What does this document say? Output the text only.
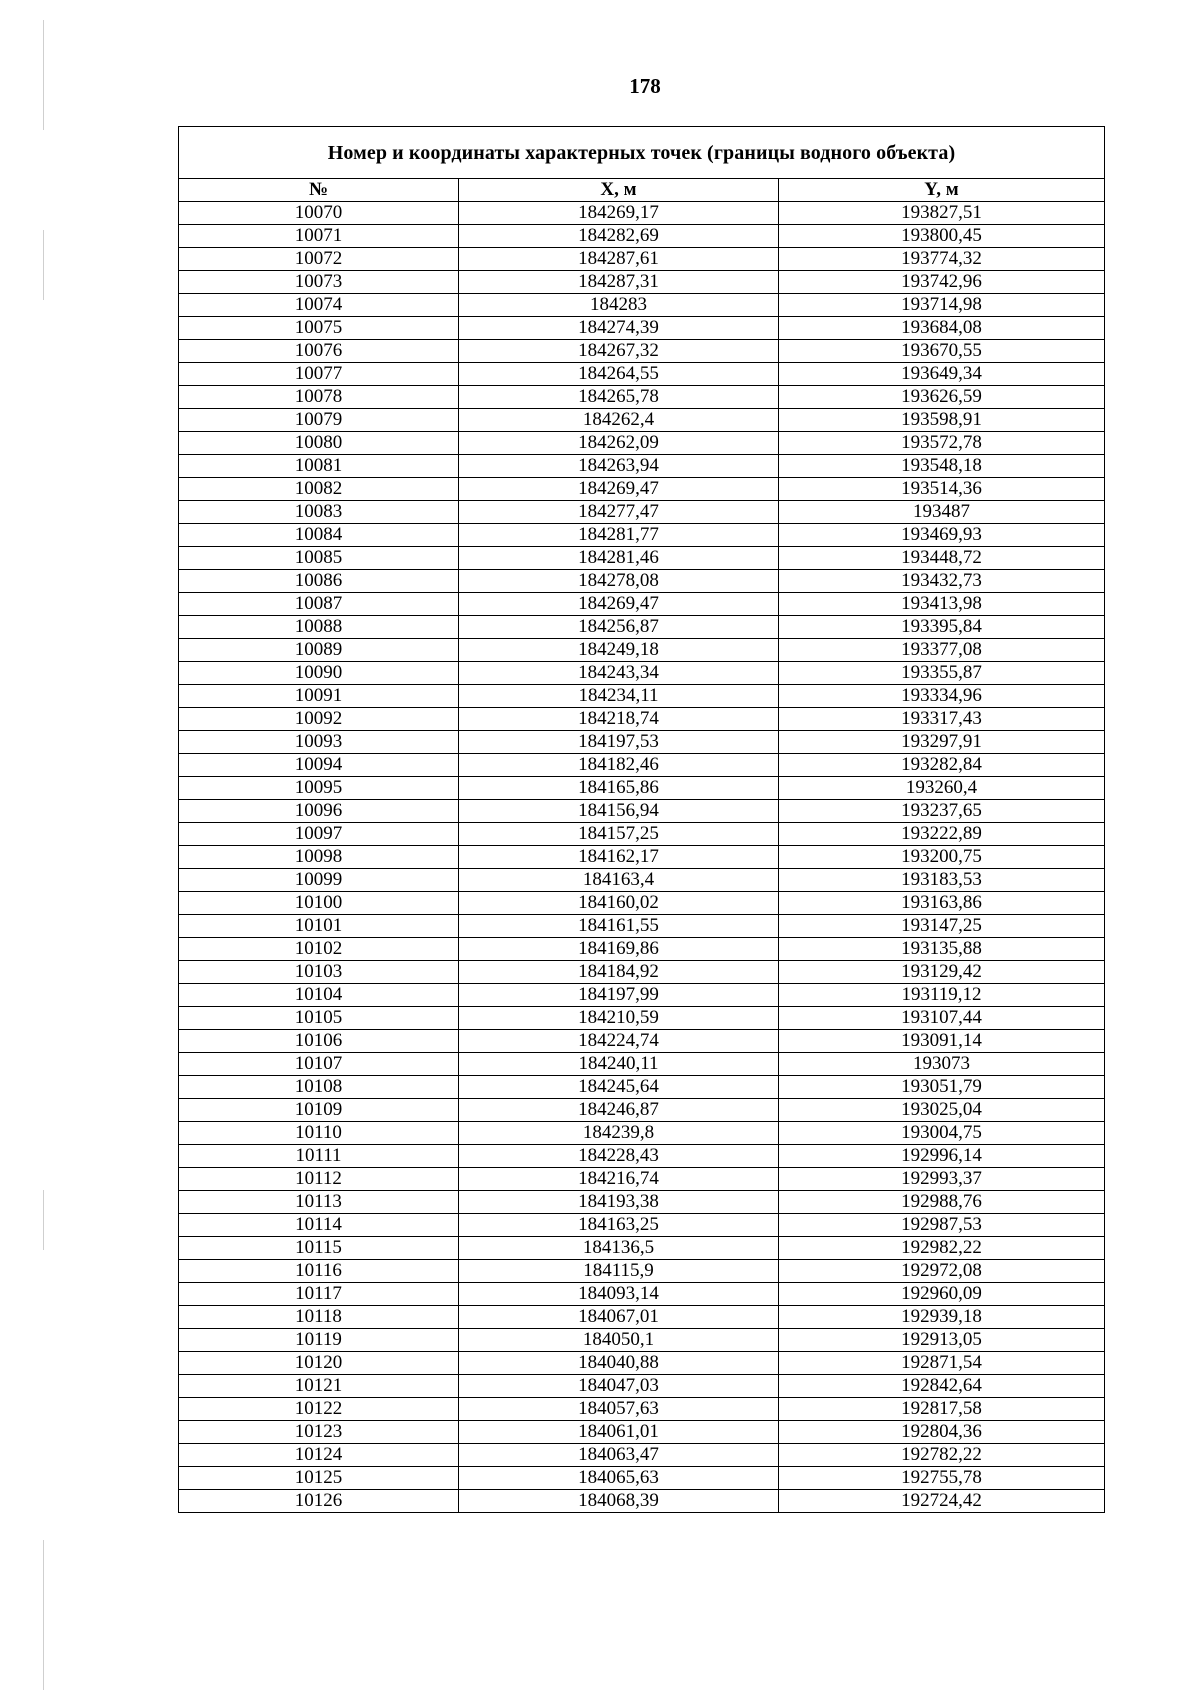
178
Номер и координаты характерных точек (границы водного объекта)		
№	X, м	Y, м
10070	184269,17	193827,51
10071	184282,69	193800,45
10072	184287,61	193774,32
10073	184287,31	193742,96
10074	184283	193714,98
10075	184274,39	193684,08
10076	184267,32	193670,55
10077	184264,55	193649,34
10078	184265,78	193626,59
10079	184262,4	193598,91
10080	184262,09	193572,78
10081	184263,94	193548,18
10082	184269,47	193514,36
10083	184277,47	193487
10084	184281,77	193469,93
10085	184281,46	193448,72
10086	184278,08	193432,73
10087	184269,47	193413,98
10088	184256,87	193395,84
10089	184249,18	193377,08
10090	184243,34	193355,87
10091	184234,11	193334,96
10092	184218,74	193317,43
10093	184197,53	193297,91
10094	184182,46	193282,84
10095	184165,86	193260,4
10096	184156,94	193237,65
10097	184157,25	193222,89
10098	184162,17	193200,75
10099	184163,4	193183,53
10100	184160,02	193163,86
10101	184161,55	193147,25
10102	184169,86	193135,88
10103	184184,92	193129,42
10104	184197,99	193119,12
10105	184210,59	193107,44
10106	184224,74	193091,14
10107	184240,11	193073
10108	184245,64	193051,79
10109	184246,87	193025,04
10110	184239,8	193004,75
10111	184228,43	192996,14
10112	184216,74	192993,37
10113	184193,38	192988,76
10114	184163,25	192987,53
10115	184136,5	192982,22
10116	184115,9	192972,08
10117	184093,14	192960,09
10118	184067,01	192939,18
10119	184050,1	192913,05
10120	184040,88	192871,54
10121	184047,03	192842,64
10122	184057,63	192817,58
10123	184061,01	192804,36
10124	184063,47	192782,22
10125	184065,63	192755,78
10126	184068,39	192724,42
